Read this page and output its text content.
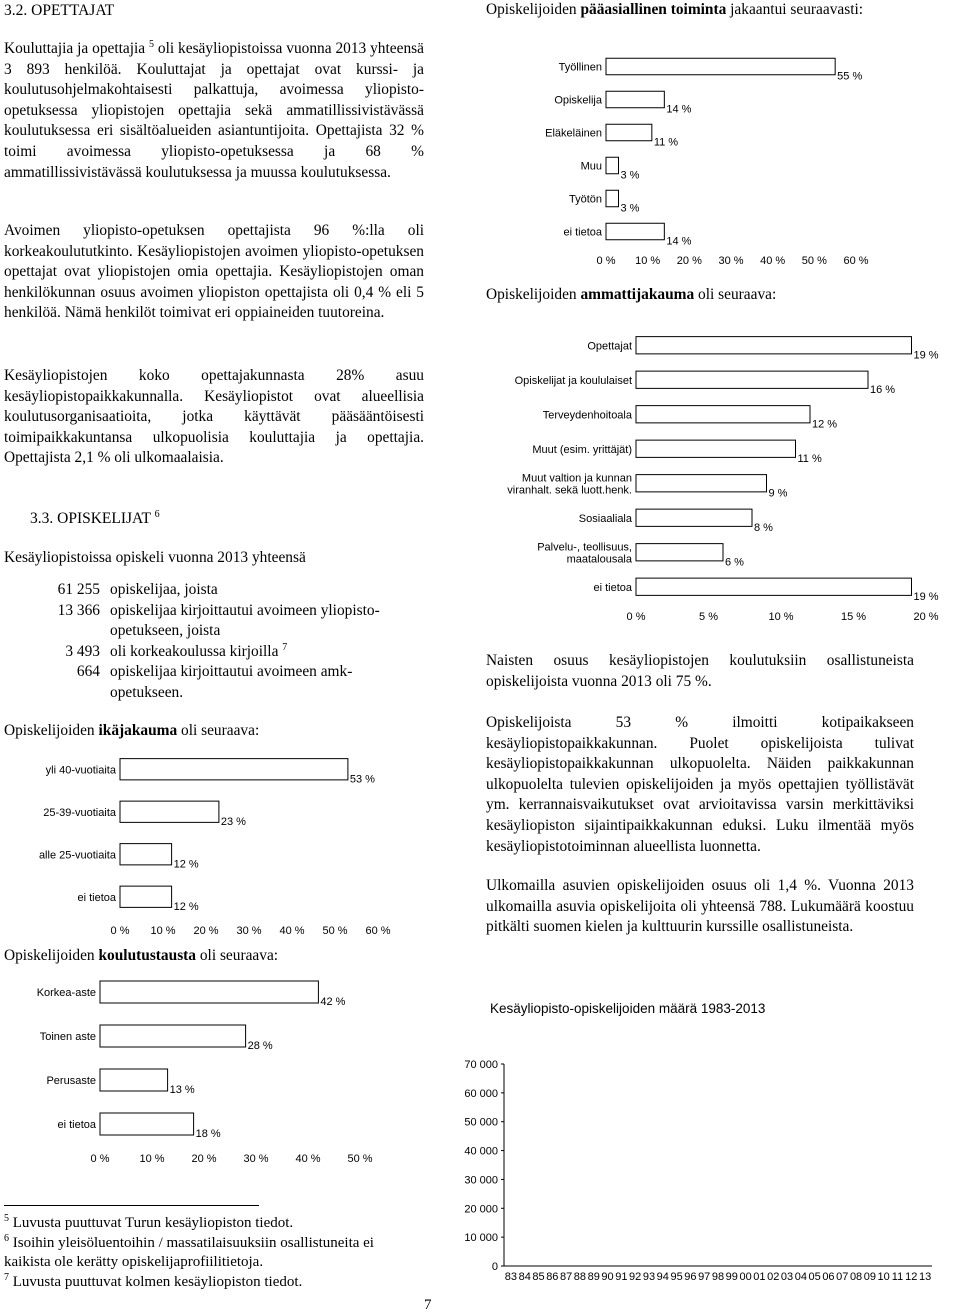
3.2. OPETTAJAT

Kouluttajia ja opettajia $^5$ oli kesäyliopistoissa vuonna 2013 yhteensä 3 893 henkilöä. Kouluttajat ja opettajat ovat kurssi- ja koulutusohjelmakohtaisesti palkattuja, avoimessa yliopisto-opetuksessa yliopistojen opettajia sekä ammatillissivistävässä koulutuksessa eri sisältöalueiden asiantuntijoita. Opettajista 32 % toimi avoimessa yliopisto-opetuksessa ja 68 % ammatillissivistävässä koulutuksessa ja muussa koulutuksessa.

Avoimen yliopisto-opetuksen opettajista 96 %:lla oli korkeakoulututkinto. Kesäyliopistojen avoimen yliopisto-opetuksen opettajat ovat yliopistojen omia opettajia. Kesäyliopistojen oman henkilökunnan osuus avoimen yliopiston opettajista oli 0,4 % eli 5 henkilöä. Nämä henkilöt toimivat eri oppiaineiden tuutoreina.

Kesäyliopistojen koko opettajakunnasta 28% asuu kesäyliopistopaikkakunnalla. Kesäyliopistot ovat alueellisia koulutusorganisaatioita, jotka käyttävät pääsääntöisesti toimipaikkakuntansa ulkopuolisia kouluttajia ja opettajia. Opettajista 2,1 % oli ulkomaalaisia.

3.3. OPISKELIJAT $^6$
Kesäyliopistoissa opiskeli vuonna 2013 yhteensä
61 255 opiskelijaa, joista
13 366 opiskelijaa kirjoittautui avoimeen yliopisto-opetukseen, joista
3 493 oli korkeakoulussa kirjoilla $^7$
664 opiskelijaa kirjoittautui avoimeen amk-opetukseen.
Opiskelijoiden ikäjakauma oli seuraava:
53 %
yli 40-vuotiaita
23 %
25-39-vuotiaita
12 %
alle 25-vuotiaita
12 %
ei tietoa
0 % 10 % 20 % 30 % 40 % 50 % 60 %
Opiskelijoiden koulutustausta oli seuraava:
42 %
Korkea-aste
28 %
Toinen aste
13 %
Perusaste
18 %
ei tietoa
0 %	10 % 20 % 30 % 40 % 50 %

$^5$ Luvusta puuttuvat Turun kesäyliopiston tiedot.

$^6$ Isoihin yleisöluentoihin / massatilaisuuksiin osallistuneita ei kaikista ole kerätty opiskelijaprofiilitietoja.

$^7$ Luvusta puuttuvat kolmen kesäyliopiston tiedot.

7
Opiskelijoiden pääasiallinen toiminta jakaantui seuraavasti:
55 %
Työllinen
14 %
Opiskelija
11 %
Eläkeläinen
3 %
Muu
3 %
Työtön
14 %
ei tietoa
0 % 10 % 20 % 30 % 40 % 50 % 60 %
Opiskelijoiden ammattijakauma oli seuraava:
19 %
Opettajat
16 %
Opiskelijat ja koululaiset
12 %
Terveydenhoitoala
11 %
Muut (esim. yrittäjät)
9 %
Muut valtion ja kunnan viranhalt. sekä luott.henk.
8 %
Sosiaaliala
6 %
Palvelu-, teollisuus, maatalousala
19 %
ei tietoa
0 %	5 %	10 %	15 %	20 %
Naisten osuus kesäyliopistojen koulutuksiin osallistuneista opiskelijoista vuonna 2013 oli 75 %.
Opiskelijoista 53 % ilmoitti kotipaikakseen kesäyliopistopaikkakunnan. Puolet opiskelijoista tulivat kesäyliopistopaikkakunnan ulkopuolelta. Näiden paikkakunnan ulkopuolelta tulevien opiskelijoiden ja myös opettajien työllistävät ym. kerrannaisvaikutukset ovat arvioitavissa varsin merkittäviksi kesäyliopiston sijaintipaikkakunnan eduksi. Luku ilmentää myös kesäyliopistotoiminnan alueellista luonnetta.
Ulkomailla asuvien opiskelijoiden osuus oli 1,4 %. Vuonna 2013 ulkomailla asuvia opiskelijoita oli yhteensä 788. Lukumäärä koostuu pitkälti suomen kielen ja kulttuurin kurssille osallistuneista.
Kesäyliopisto-opiskelijoiden määrä 1983-2013
0
10 000
20 000
30 000
40 000
50 000
60 000
70 000
83 84 85 86 87 88 89 90 91 92 93 94 95 96 97 98 99 00 01 02 03 04 05 06 07 08 09 10 11 12 13
